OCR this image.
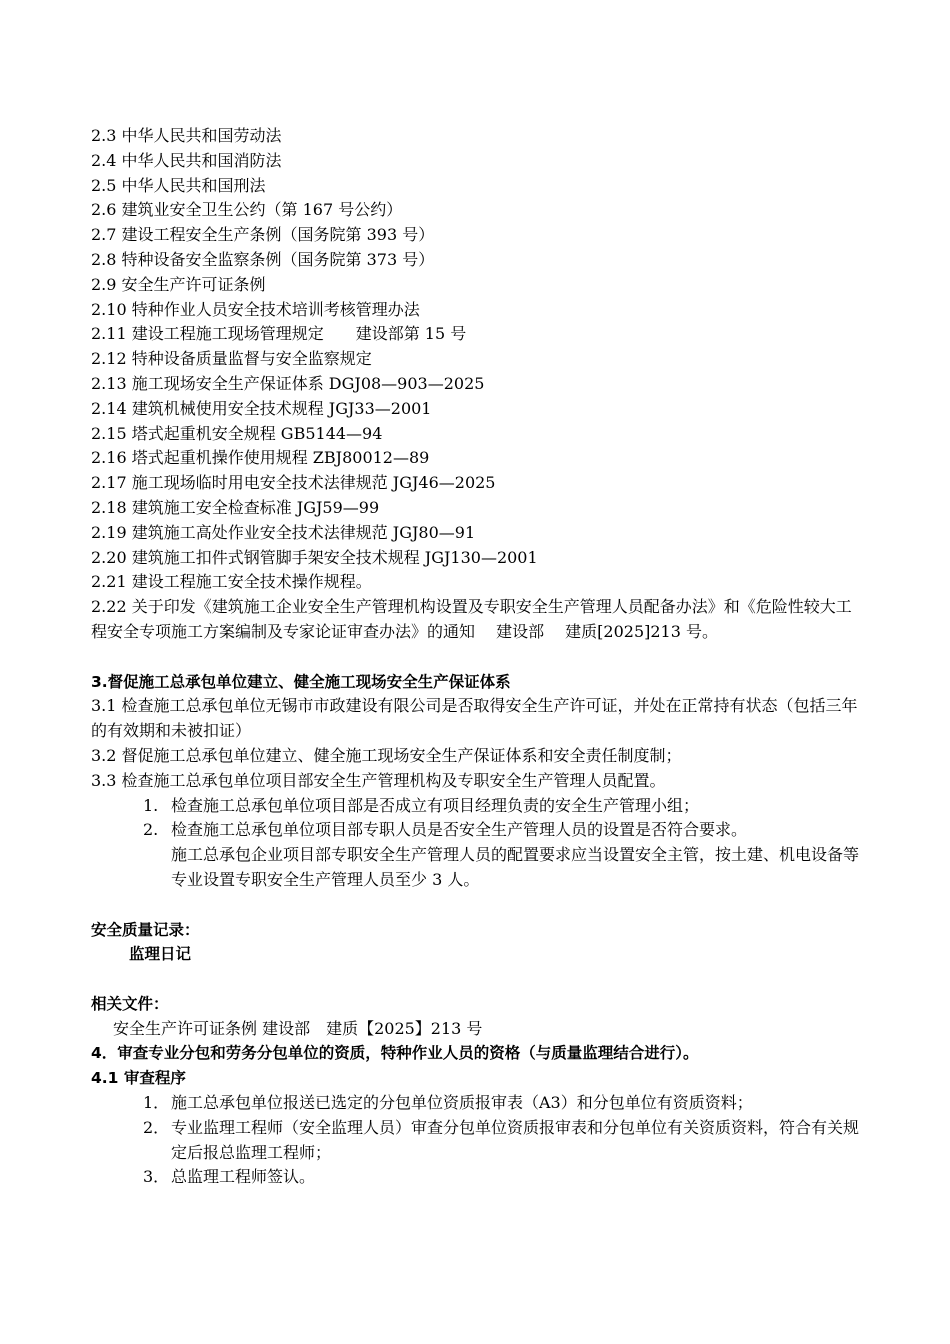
2.3 中华人民共和国劳动法
2.4 中华人民共和国消防法
2.5 中华人民共和国刑法
2.6 建筑业安全卫生公约（第 167 号公约）
2.7 建设工程安全生产条例（国务院第 393 号）
2.8 特种设备安全监察条例（国务院第 373 号）
2.9 安全生产许可证条例
2.10 特种作业人员安全技术培训考核管理办法
2.11 建设工程施工现场管理规定　　建设部第 15 号
2.12 特种设备质量监督与安全监察规定
2.13 施工现场安全生产保证体系 DGJ08—903—2025
2.14 建筑机械使用安全技术规程 JGJ33—2001
2.15 塔式起重机安全规程 GB5144—94
2.16 塔式起重机操作使用规程 ZBJ80012—89
2.17 施工现场临时用电安全技术法律规范 JGJ46—2025
2.18 建筑施工安全检查标准 JGJ59—99
2.19 建筑施工高处作业安全技术法律规范 JGJ80—91
2.20 建筑施工扣件式钢管脚手架安全技术规程 JGJ130—2001
2.21 建设工程施工安全技术操作规程。
2.22 关于印发《建筑施工企业安全生产管理机构设置及专职安全生产管理人员配备办法》和《危险性较大工程安全专项施工方案编制及专家论证审查办法》的通知　 建设部　 建质[2025]213 号。
3.督促施工总承包单位建立、健全施工现场安全生产保证体系
3.1 检查施工总承包单位无锡市市政建设有限公司是否取得安全生产许可证，并处在正常持有状态（包括三年的有效期和未被扣证）
3.2 督促施工总承包单位建立、健全施工现场安全生产保证体系和安全责任制度制；
3.3 检查施工总承包单位项目部安全生产管理机构及专职安全生产管理人员配置。
1. 检查施工总承包单位项目部是否成立有项目经理负责的安全生产管理小组；
2. 检查施工总承包单位项目部专职人员是否安全生产管理人员的设置是否符合要求。
施工总承包企业项目部专职安全生产管理人员的配置要求应当设置安全主管，按土建、机电设备等专业设置专职安全生产管理人员至少 3 人。
安全质量记录：
监理日记
相关文件：
安全生产许可证条例 建设部　建质【2025】213 号
4．审查专业分包和劳务分包单位的资质，特种作业人员的资格（与质量监理结合进行）。
4.1 审查程序
1． 施工总承包单位报送已选定的分包单位资质报审表（A3）和分包单位有资质资料；
2． 专业监理工程师（安全监理人员）审查分包单位资质报审表和分包单位有关资质资料，符合有关规定后报总监理工程师；
3． 总监理工程师签认。
